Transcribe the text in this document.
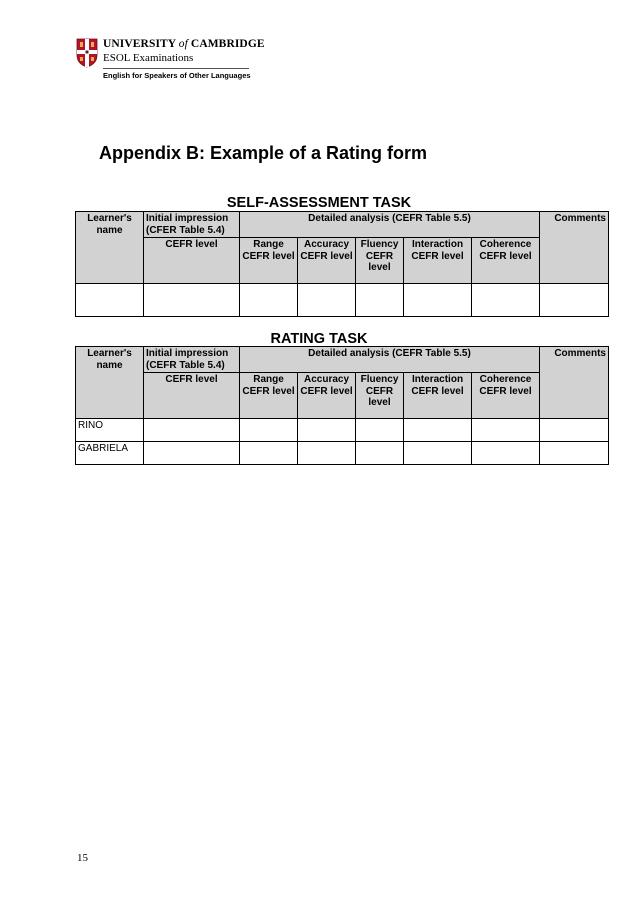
UNIVERSITY of CAMBRIDGE
ESOL Examinations
English for Speakers of Other Languages
Appendix B: Example of a Rating form
SELF-ASSESSMENT TASK
Learner's name	Initial impression (CFER Table 5.4)	Detailed analysis (CEFR Table 5.5)					Comments
	CEFR level	Range CEFR level	Accuracy CEFR level	Fluency CEFR level	Interaction CEFR level	Coherence CEFR level	

RATING TASK
Learner's name	Initial impression (CEFR Table 5.4)	Detailed analysis (CEFR Table 5.5)					Comments
	CEFR level	Range CEFR level	Accuracy CEFR level	Fluency CEFR level	Interaction CEFR level	Coherence CEFR level	
RINO							
GABRIELA							
15
